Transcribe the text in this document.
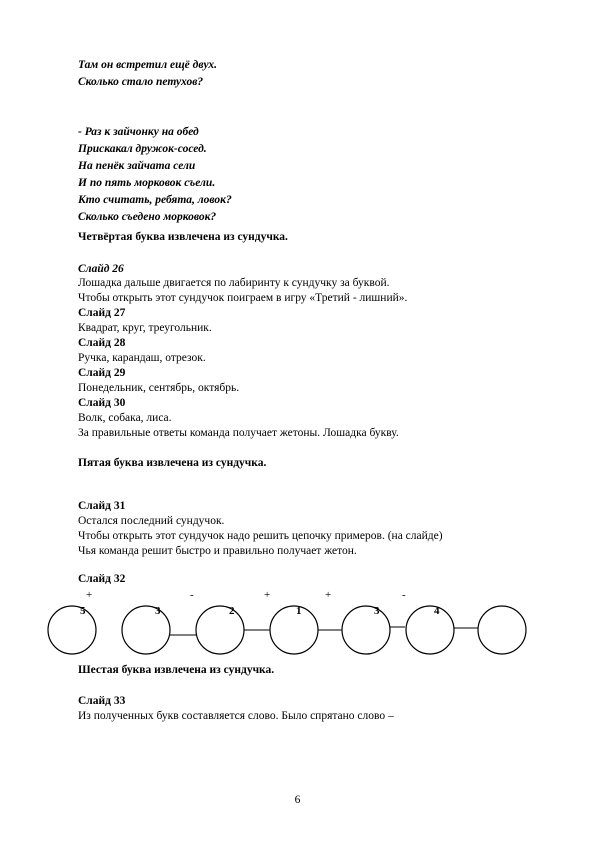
Там он встретил ещё двух.
Сколько стало петухов?
- Раз к зайчонку на обед
Прискакал дружок-сосед.
На пенёк зайчата сели
И по пять морковок съели.
Кто считать, ребята, ловок?
Сколько съедено морковок?
Четвёртая буква извлечена из сундучка.
Слайд 26
Лошадка дальше двигается по лабиринту к сундучку за буквой.
Чтобы открыть этот сундучок поиграем в игру «Третий - лишний».
Слайд 27
Квадрат, круг, треугольник.
Слайд 28
Ручка, карандаш, отрезок.
Слайд 29
Понедельник, сентябрь, октябрь.
Слайд 30
Волк, собака, лиса.
За правильные ответы команда получает жетоны. Лошадка букву.
Пятая буква извлечена из сундучка.
Слайд 31
Остался последний сундучок.
Чтобы открыть этот сундучок надо решить цепочку примеров. (на слайде)
Чья команда решит быстро и правильно получает жетон.
Слайд 32
+	-	+	+	-
5	3	2	1	3	4
Шестая буква извлечена из сундучка.
Слайд 33
Из полученных букв составляется слово. Было спрятано слово –
6
